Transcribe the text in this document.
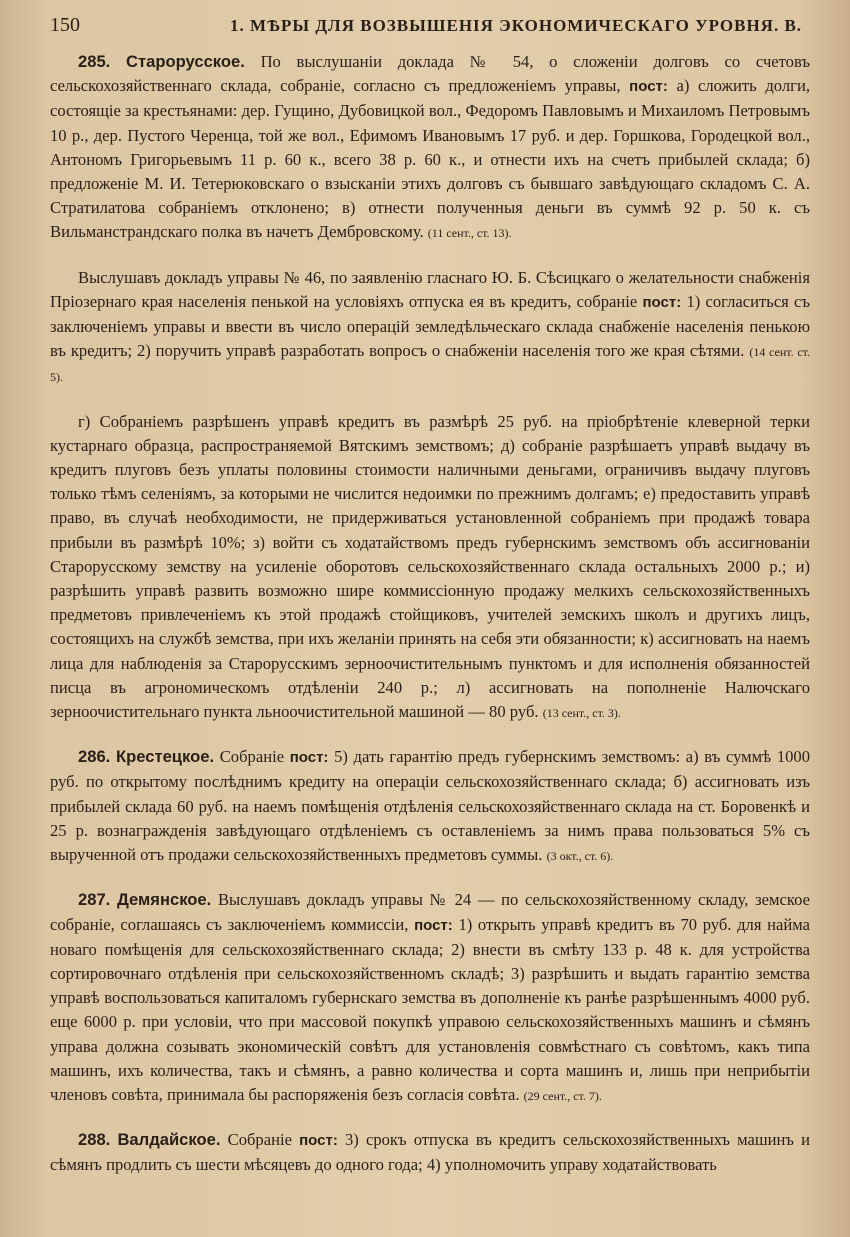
150	1. МѢРЫ ДЛЯ ВОЗВЫШЕНІЯ ЭКОНОМИЧЕСКАГО УРОВНЯ. В.

285. Старорусское. По выслушаніи доклада № 54, о сложеніи долговъ со счетовъ сельскохозяйственнаго склада, собраніе, согласно съ предложеніемъ управы, пост: а) сложить долги, состоящіе за крестьянами: дер. Гущино, Дубовицкой вол., Федоромъ Павловымъ и Михаиломъ Петровымъ 10 р., дер. Пустого Черенца, той же вол., Ефимомъ Ивановымъ 17 руб. и дер. Горшкова, Городецкой вол., Антономъ Григорьевымъ 11 р. 60 к., всего 38 р. 60 к., и отнести ихъ на счетъ прибылей склада; б) предложеніе М. И. Тетерюковскаго о взысканіи этихъ долговъ съ бывшаго завѣдующаго складомъ С. А. Стратилатова собраніемъ отклонено; в) отнести полученныя деньги въ суммѣ 92 р. 50 к. съ Вильманстрандскаго полка въ начетъ Дембровскому. (11 сент., ст. 13).

Выслушавъ докладъ управы № 46, по заявленію гласнаго Ю. Б. Сѣсицкаго о желательности снабженія Пріозернаго края населенія пенькой на условіяхъ отпуска ея въ кредитъ, собраніе пост: 1) согласиться съ заключеніемъ управы и ввести въ число операцій земледѣльческаго склада снабженіе населенія пенькою въ кредитъ; 2) поручить управѣ разработать вопросъ о снабженіи населенія того же края сѣтями. (14 сент. ст. 5).

г) Собраніемъ разрѣшенъ управѣ кредитъ въ размѣрѣ 25 руб. на пріобрѣтеніе клеверной терки кустарнаго образца, распространяемой Вятскимъ земствомъ; д) собраніе разрѣшаетъ управѣ выдачу въ кредитъ плуговъ безъ уплаты половины стоимости наличными деньгами, ограничивъ выдачу плуговъ только тѣмъ селеніямъ, за которыми не числится недоимки по прежнимъ долгамъ; е) предоставить управѣ право, въ случаѣ необходимости, не придерживаться установленной собраніемъ при продажѣ товара прибыли въ размѣрѣ 10%; з) войти съ ходатайствомъ предъ губернскимъ земствомъ объ ассигнованіи Старорусскому земству на усиленіе оборотовъ сельскохозяйственнаго склада остальныхъ 2000 р.; и) разрѣшить управѣ развить возможно шире коммиссіонную продажу мелкихъ сельскохозяйственныхъ предметовъ привлеченіемъ къ этой продажѣ стойщиковъ, учителей земскихъ школъ и другихъ лицъ, состоящихъ на службѣ земства, при ихъ желаніи принять на себя эти обязанности; к) ассигновать на наемъ лица для наблюденія за Старорусскимъ зерноочистительнымъ пунктомъ и для исполненія обязанностей писца въ агрономическомъ отдѣленіи 240 р.; л) ассигновать на пополненіе Налючскаго зерноочистительнаго пункта льноочистительной машиной — 80 руб. (13 сент., ст. 3).

286. Крестецкое. Собраніе пост: 5) дать гарантію предъ губернскимъ земствомъ: а) въ суммѣ 1000 руб. по открытому послѣднимъ кредиту на операціи сельскохозяйственнаго склада; б) ассигновать изъ прибылей склада 60 руб. на наемъ помѣщенія отдѣленія сельскохозяйственнаго склада на ст. Боровенкѣ и 25 р. вознагражденія завѣдующаго отдѣленіемъ съ оставленіемъ за нимъ права пользоваться 5% съ вырученной отъ продажи сельскохозяйственныхъ предметовъ суммы. (3 окт., ст. 6).

287. Демянское. Выслушавъ докладъ управы № 24 — по сельскохозяйственному складу, земское собраніе, соглашаясь съ заключеніемъ коммиссіи, пост: 1) открыть управѣ кредитъ въ 70 руб. для найма новаго помѣщенія для сельскохозяйственнаго склада; 2) внести въ смѣту 133 р. 48 к. для устройства сортировочнаго отдѣленія при сельскохозяйственномъ складѣ; 3) разрѣшить и выдать гарантію земства управѣ воспользоваться капиталомъ губернскаго земства въ дополненіе къ ранѣе разрѣшеннымъ 4000 руб. еще 6000 р. при условіи, что при массовой покупкѣ управою сельскохозяйственныхъ машинъ и сѣмянъ управа должна созывать экономическій совѣтъ для установленія совмѣстнаго съ совѣтомъ, какъ типа машинъ, ихъ количества, такъ и сѣмянъ, а равно количества и сорта машинъ и, лишь при неприбытіи членовъ совѣта, принимала бы распоряженія безъ согласія совѣта. (29 сент., ст. 7).

288. Валдайское. Собраніе пост: 3) срокъ отпуска въ кредитъ сельскохозяйственныхъ машинъ и сѣмянъ продлить съ шести мѣсяцевъ до одного года; 4) уполномочить управу ходатайствовать
